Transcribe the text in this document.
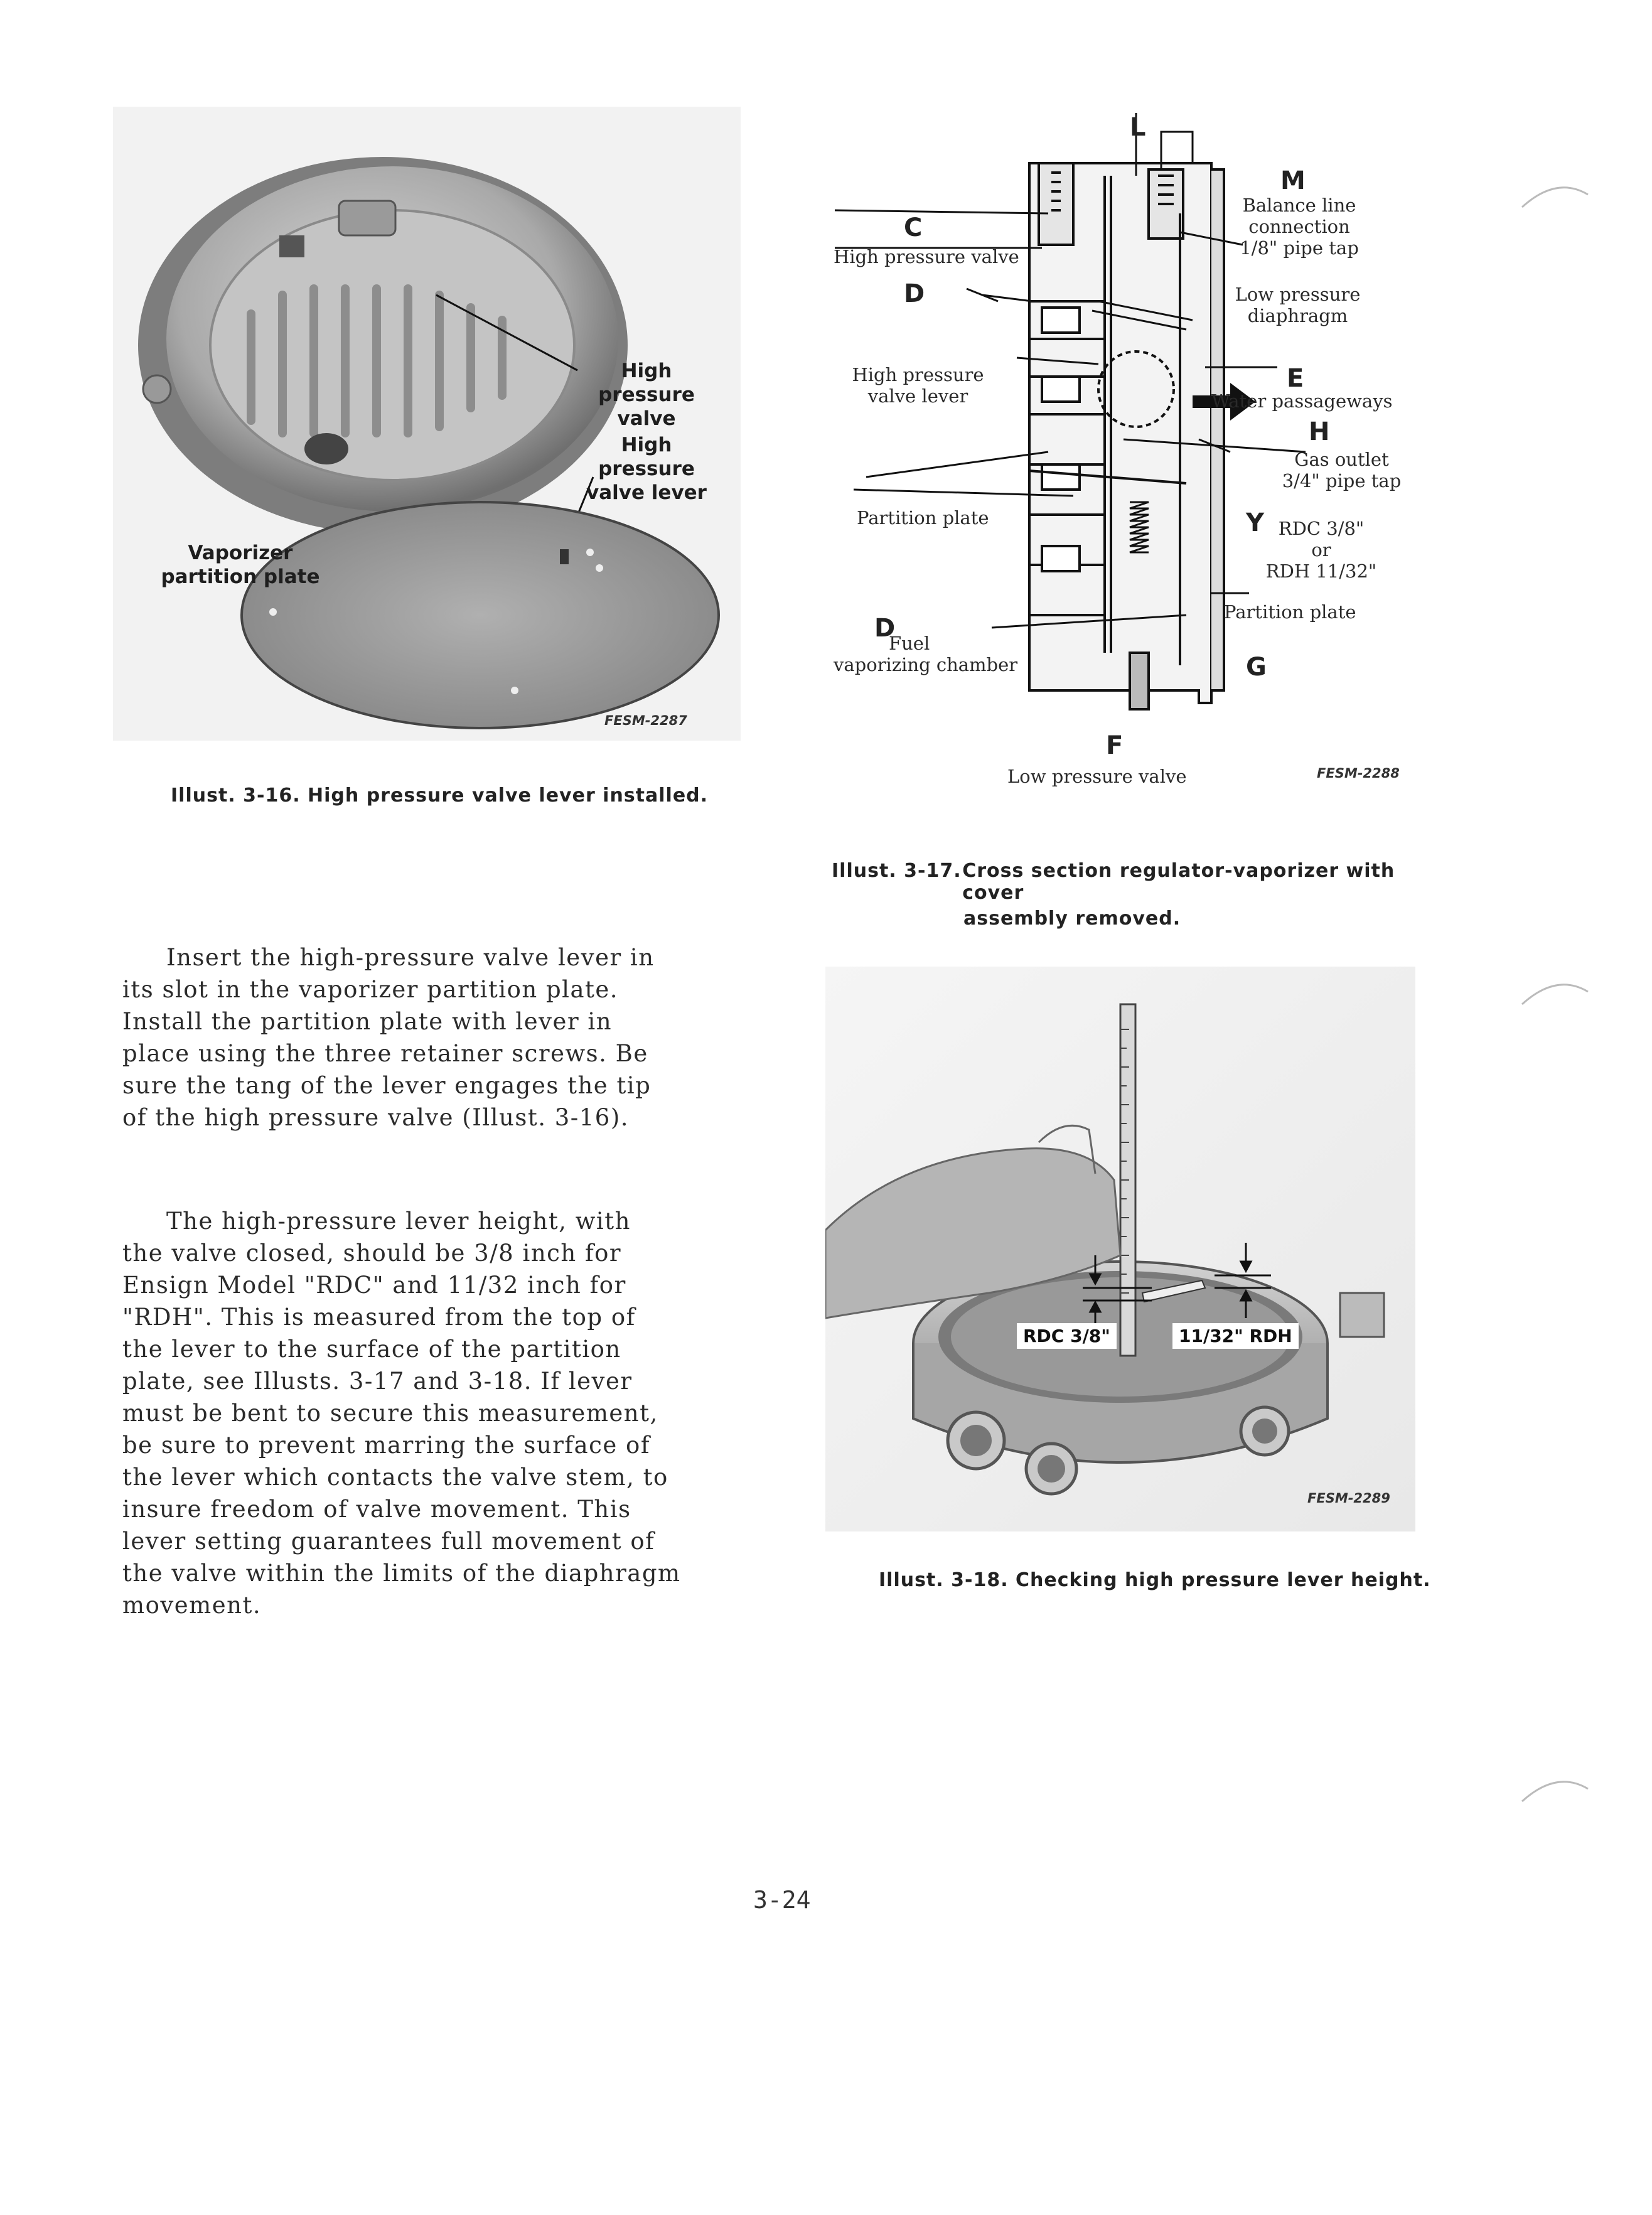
High pressure
valve
High pressure
valve lever
Vaporizer
partition plate
FESM-2287
Illust. 3-16. High pressure valve lever installed.
L
M
C
D
E
H
Y
D
G
F
High pressure valve
Balance line
connection
1/8" pipe tap
Low pressure
diaphragm
High pressure
valve lever	Water passageways
Gas outlet
3/4" pipe tap
Partition plate	RDC 3/8"
or
RDH 11/32"
Partition plate
Fuel
vaporizing chamber
Low pressure valve	FESM-2288
Illust. 3-17. Cross section regulator-vaporizer with cover
assembly removed.
RDC 3/8"	11/32" RDH
FESM-2289
Illust. 3-18. Checking high pressure lever height.
Insert the high-pressure valve lever in
its slot in the vaporizer partition plate.
Install the partition plate with lever in
place using the three retainer screws. Be
sure the tang of the lever engages the tip
of the high pressure valve (Illust. 3-16).
The high-pressure lever height, with
the valve closed, should be 3/8 inch for
Ensign Model "RDC" and 11/32 inch for
"RDH". This is measured from the top of
the lever to the surface of the partition
plate, see Illusts. 3-17 and 3-18. If lever
must be bent to secure this measurement,
be sure to prevent marring the surface of
the lever which contacts the valve stem, to
insure freedom of valve movement. This
lever setting guarantees full movement of
the valve within the limits of the diaphragm
movement.
3-24
